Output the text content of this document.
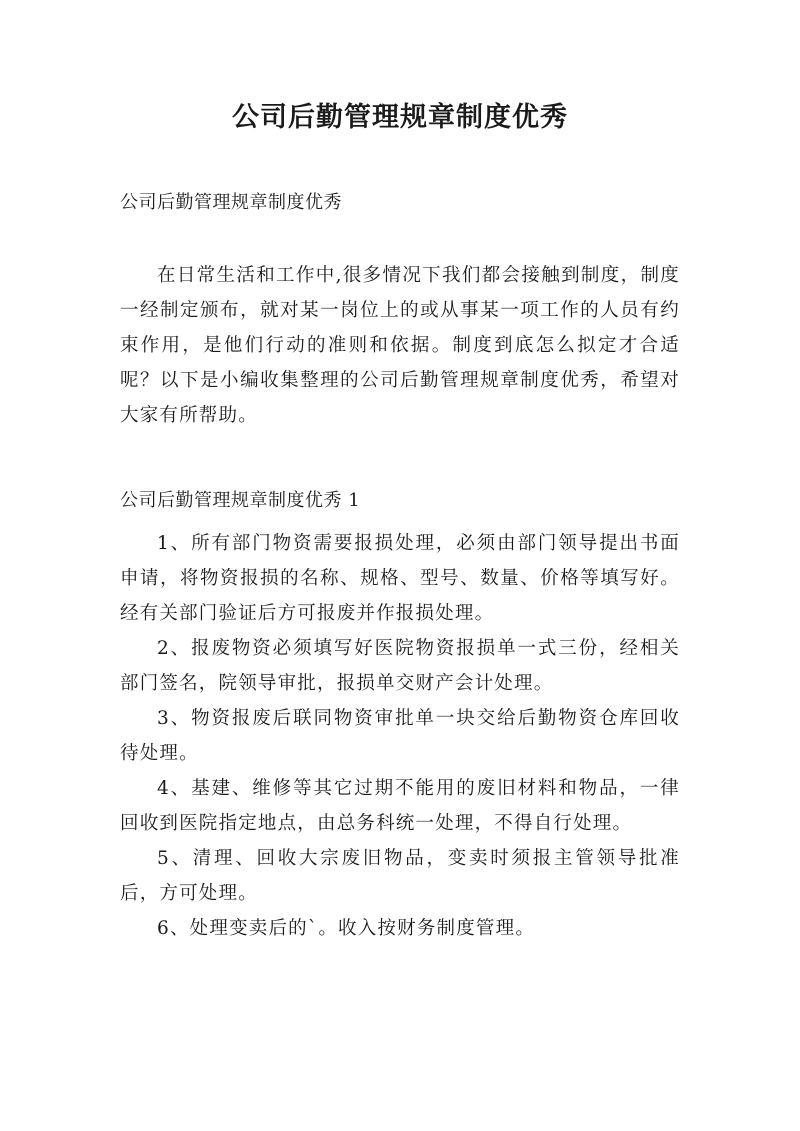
公司后勤管理规章制度优秀
公司后勤管理规章制度优秀

在日常生活和工作中,很多情况下我们都会接触到制度，制度一经制定颁布，就对某一岗位上的或从事某一项工作的人员有约束作用，是他们行动的准则和依据。制度到底怎么拟定才合适呢？以下是小编收集整理的公司后勤管理规章制度优秀，希望对大家有所帮助。

公司后勤管理规章制度优秀 1

1、所有部门物资需要报损处理，必须由部门领导提出书面申请，将物资报损的名称、规格、型号、数量、价格等填写好。经有关部门验证后方可报废并作报损处理。

2、报废物资必须填写好医院物资报损单一式三份，经相关部门签名，院领导审批，报损单交财产会计处理。

3、物资报废后联同物资审批单一块交给后勤物资仓库回收待处理。

4、基建、维修等其它过期不能用的废旧材料和物品，一律回收到医院指定地点，由总务科统一处理，不得自行处理。

5、清理、回收大宗废旧物品，变卖时须报主管领导批准后，方可处理。

6、处理变卖后的`。收入按财务制度管理。
